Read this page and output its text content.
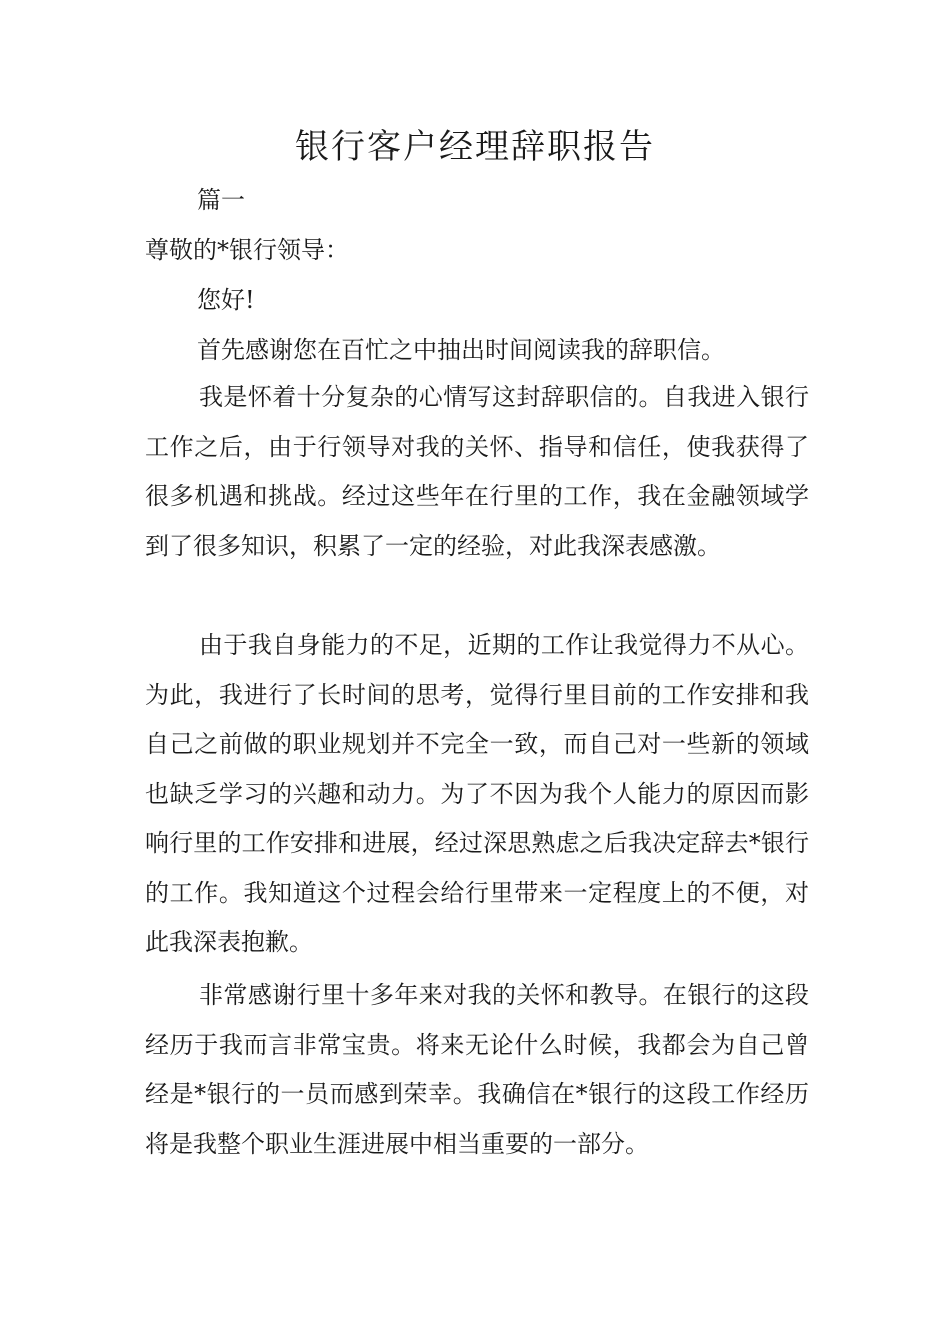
银行客户经理辞职报告

篇一

尊敬的*银行领导：

您好!

首先感谢您在百忙之中抽出时间阅读我的辞职信。

我是怀着十分复杂的心情写这封辞职信的。自我进入银行工作之后，由于行领导对我的关怀、指导和信任，使我获得了很多机遇和挑战。经过这些年在行里的工作，我在金融领域学到了很多知识，积累了一定的经验，对此我深表感激。

由于我自身能力的不足，近期的工作让我觉得力不从心。为此，我进行了长时间的思考，觉得行里目前的工作安排和我自己之前做的职业规划并不完全一致，而自己对一些新的领域也缺乏学习的兴趣和动力。为了不因为我个人能力的原因而影响行里的工作安排和进展，经过深思熟虑之后我决定辞去*银行的工作。我知道这个过程会给行里带来一定程度上的不便，对此我深表抱歉。

非常感谢行里十多年来对我的关怀和教导。在银行的这段经历于我而言非常宝贵。将来无论什么时候，我都会为自己曾经是*银行的一员而感到荣幸。我确信在*银行的这段工作经历将是我整个职业生涯进展中相当重要的一部分。
